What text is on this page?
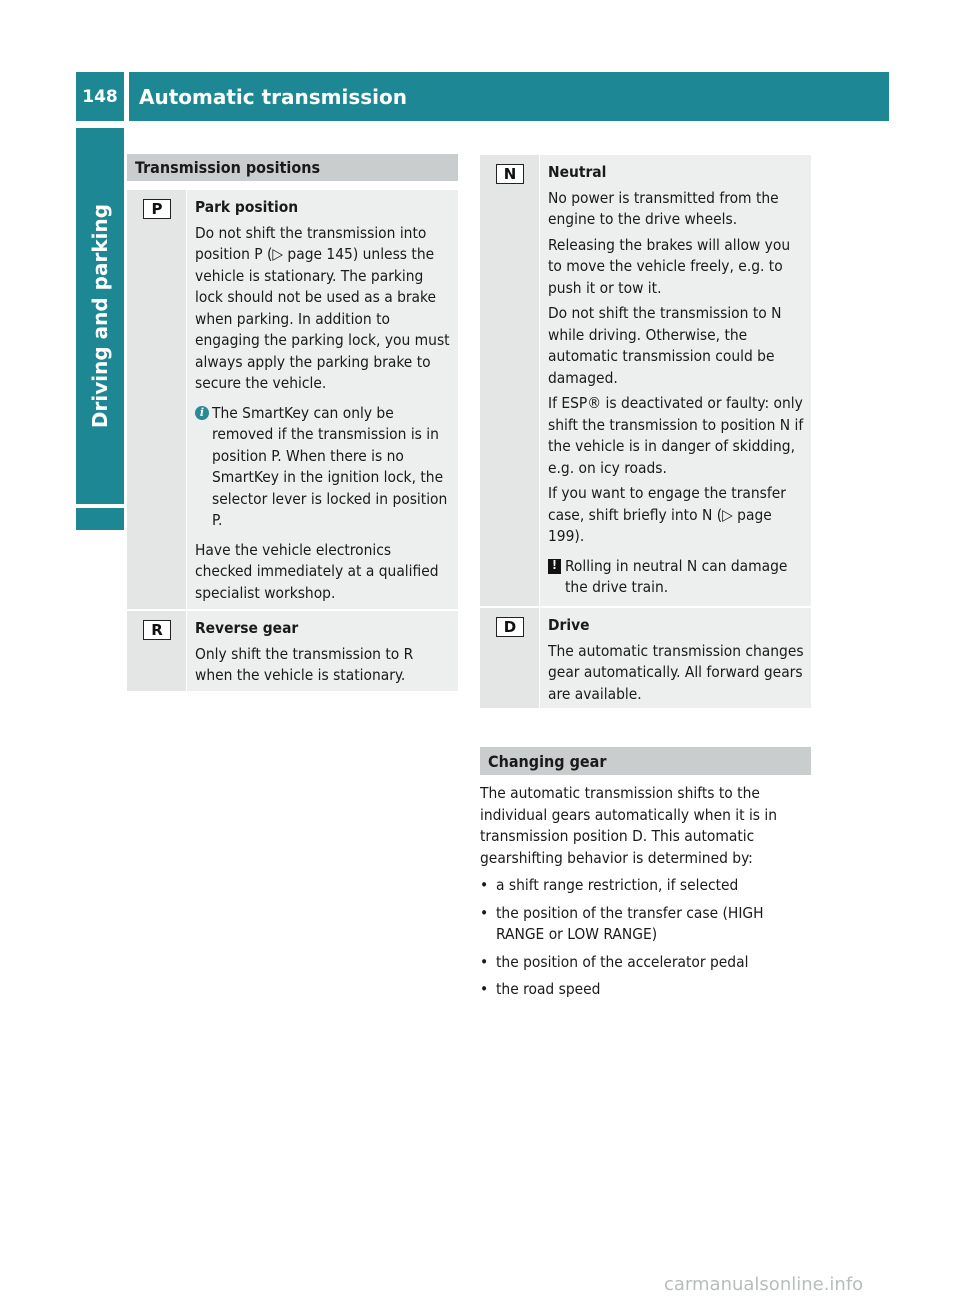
148	Automatic transmission
Driving and parking
Transmission positions
P	Park position

Do not shift the transmission into position P (▷ page 145) unless the vehicle is stationary. The parking lock should not be used as a brake when parking. In addition to engaging the parking lock, you must always apply the parking brake to secure the vehicle.

i The SmartKey can only be removed if the transmission is in position P. When there is no SmartKey in the ignition lock, the selector lever is locked in position P.

Have the vehicle electronics checked immediately at a qualified specialist workshop.

R	Reverse gear

Only shift the transmission to R when the vehicle is stationary.

N	Neutral

No power is transmitted from the engine to the drive wheels.

Releasing the brakes will allow you to move the vehicle freely, e.g. to push it or tow it.

Do not shift the transmission to N while driving. Otherwise, the automatic transmission could be damaged.

If ESP® is deactivated or faulty: only shift the transmission to position N if the vehicle is in danger of skidding, e.g. on icy roads.

If you want to engage the transfer case, shift briefly into N (▷ page 199).

! Rolling in neutral N can damage the drive train.

D	Drive

The automatic transmission changes gear automatically. All forward gears are available.

Changing gear

The automatic transmission shifts to the individual gears automatically when it is in transmission position D. This automatic gearshifting behavior is determined by:

• a shift range restriction, if selected

• the position of the transfer case (HIGH RANGE or LOW RANGE)

• the position of the accelerator pedal

• the road speed

carmanualsonline.info
